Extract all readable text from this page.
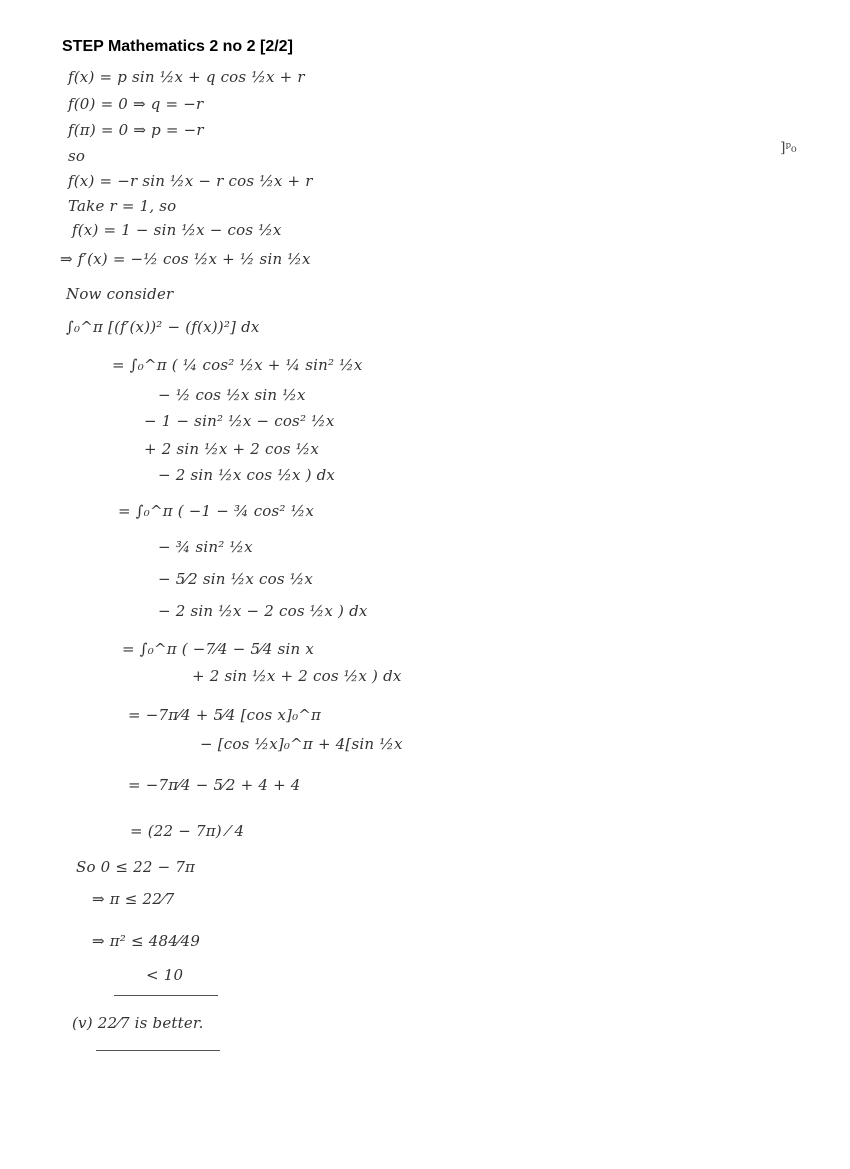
STEP Mathematics 2 no 2 [2/2]
]ᵖ₀
f(x) = p sin ½x + q cos ½x + r
f(0) = 0 ⇒ q = −r
f(π) = 0 ⇒ p = −r
so
f(x) = −r sin ½x − r cos ½x + r
Take r = 1, so
f(x) = 1 − sin ½x − cos ½x
⇒ f′(x) = −½ cos ½x + ½ sin ½x
Now consider
∫₀^π [(f′(x))² − (f(x))²] dx
= ∫₀^π ( ¼ cos² ½x + ¼ sin² ½x
− ½ cos ½x sin ½x
− 1 − sin² ½x − cos² ½x
+ 2 sin ½x + 2 cos ½x
− 2 sin ½x cos ½x ) dx
= ∫₀^π ( −1 − ¾ cos² ½x
− ¾ sin² ½x
− 5⁄2 sin ½x cos ½x
− 2 sin ½x − 2 cos ½x ) dx
= ∫₀^π ( −7⁄4 − 5⁄4 sin x
+ 2 sin ½x + 2 cos ½x ) dx
= −7π⁄4 + 5⁄4 [cos x]₀^π
− [cos ½x]₀^π + 4[sin ½x
= −7π⁄4 − 5⁄2 + 4 + 4
= (22 − 7π) ⁄ 4
So 0 ≤ 22 − 7π
⇒ π ≤ 22⁄7
⇒ π² ≤ 484⁄49
< 10
(v) 22⁄7 is better.
